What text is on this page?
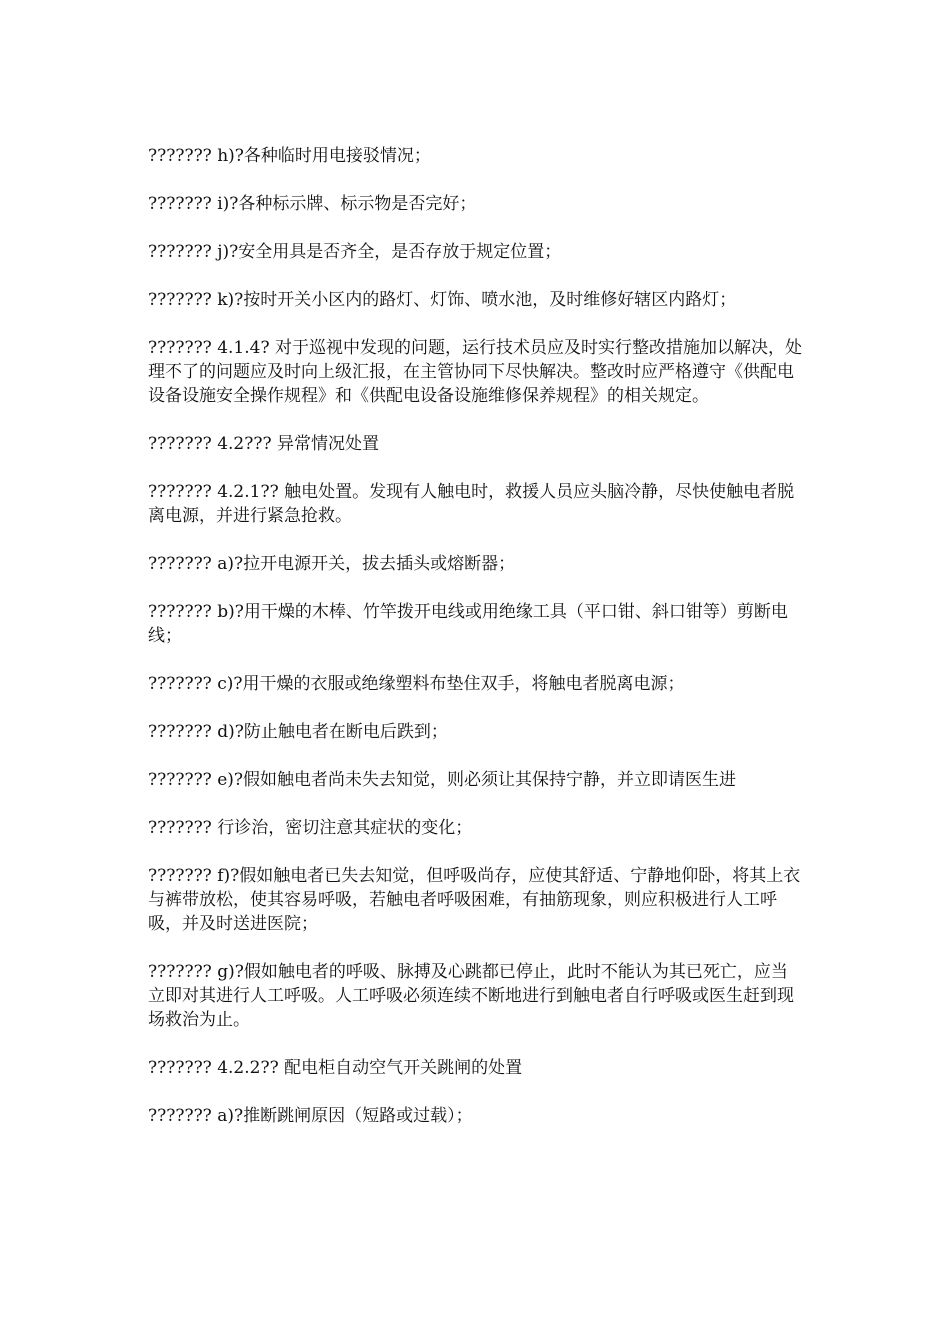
??????? h)?各种临时用电接驳情况；

??????? i)?各种标示牌、标示物是否完好；

??????? j)?安全用具是否齐全，是否存放于规定位置；

??????? k)?按时开关小区内的路灯、灯饰、喷水池，及时维修好辖区内路灯；

??????? 4.1.4? 对于巡视中发现的问题，运行技术员应及时实行整改措施加以解决，处理不了的问题应及时向上级汇报，在主管协同下尽快解决。整改时应严格遵守《供配电设备设施安全操作规程》和《供配电设备设施维修保养规程》的相关规定。

??????? 4.2??? 异常情况处置

??????? 4.2.1?? 触电处置。发现有人触电时，救援人员应头脑冷静，尽快使触电者脱离电源，并进行紧急抢救。

??????? a)?拉开电源开关，拔去插头或熔断器；

??????? b)?用干燥的木棒、竹竿拨开电线或用绝缘工具（平口钳、斜口钳等）剪断电线；

??????? c)?用干燥的衣服或绝缘塑料布垫住双手，将触电者脱离电源；

??????? d)?防止触电者在断电后跌到；

??????? e)?假如触电者尚未失去知觉，则必须让其保持宁静，并立即请医生进

??????? 行诊治，密切注意其症状的变化；

??????? f)?假如触电者已失去知觉，但呼吸尚存，应使其舒适、宁静地仰卧，将其上衣与裤带放松，使其容易呼吸，若触电者呼吸困难，有抽筋现象，则应积极进行人工呼吸，并及时送进医院；

??????? g)?假如触电者的呼吸、脉搏及心跳都已停止，此时不能认为其已死亡，应当立即对其进行人工呼吸。人工呼吸必须连续不断地进行到触电者自行呼吸或医生赶到现场救治为止。

??????? 4.2.2?? 配电柜自动空气开关跳闸的处置

??????? a)?推断跳闸原因（短路或过载）；
